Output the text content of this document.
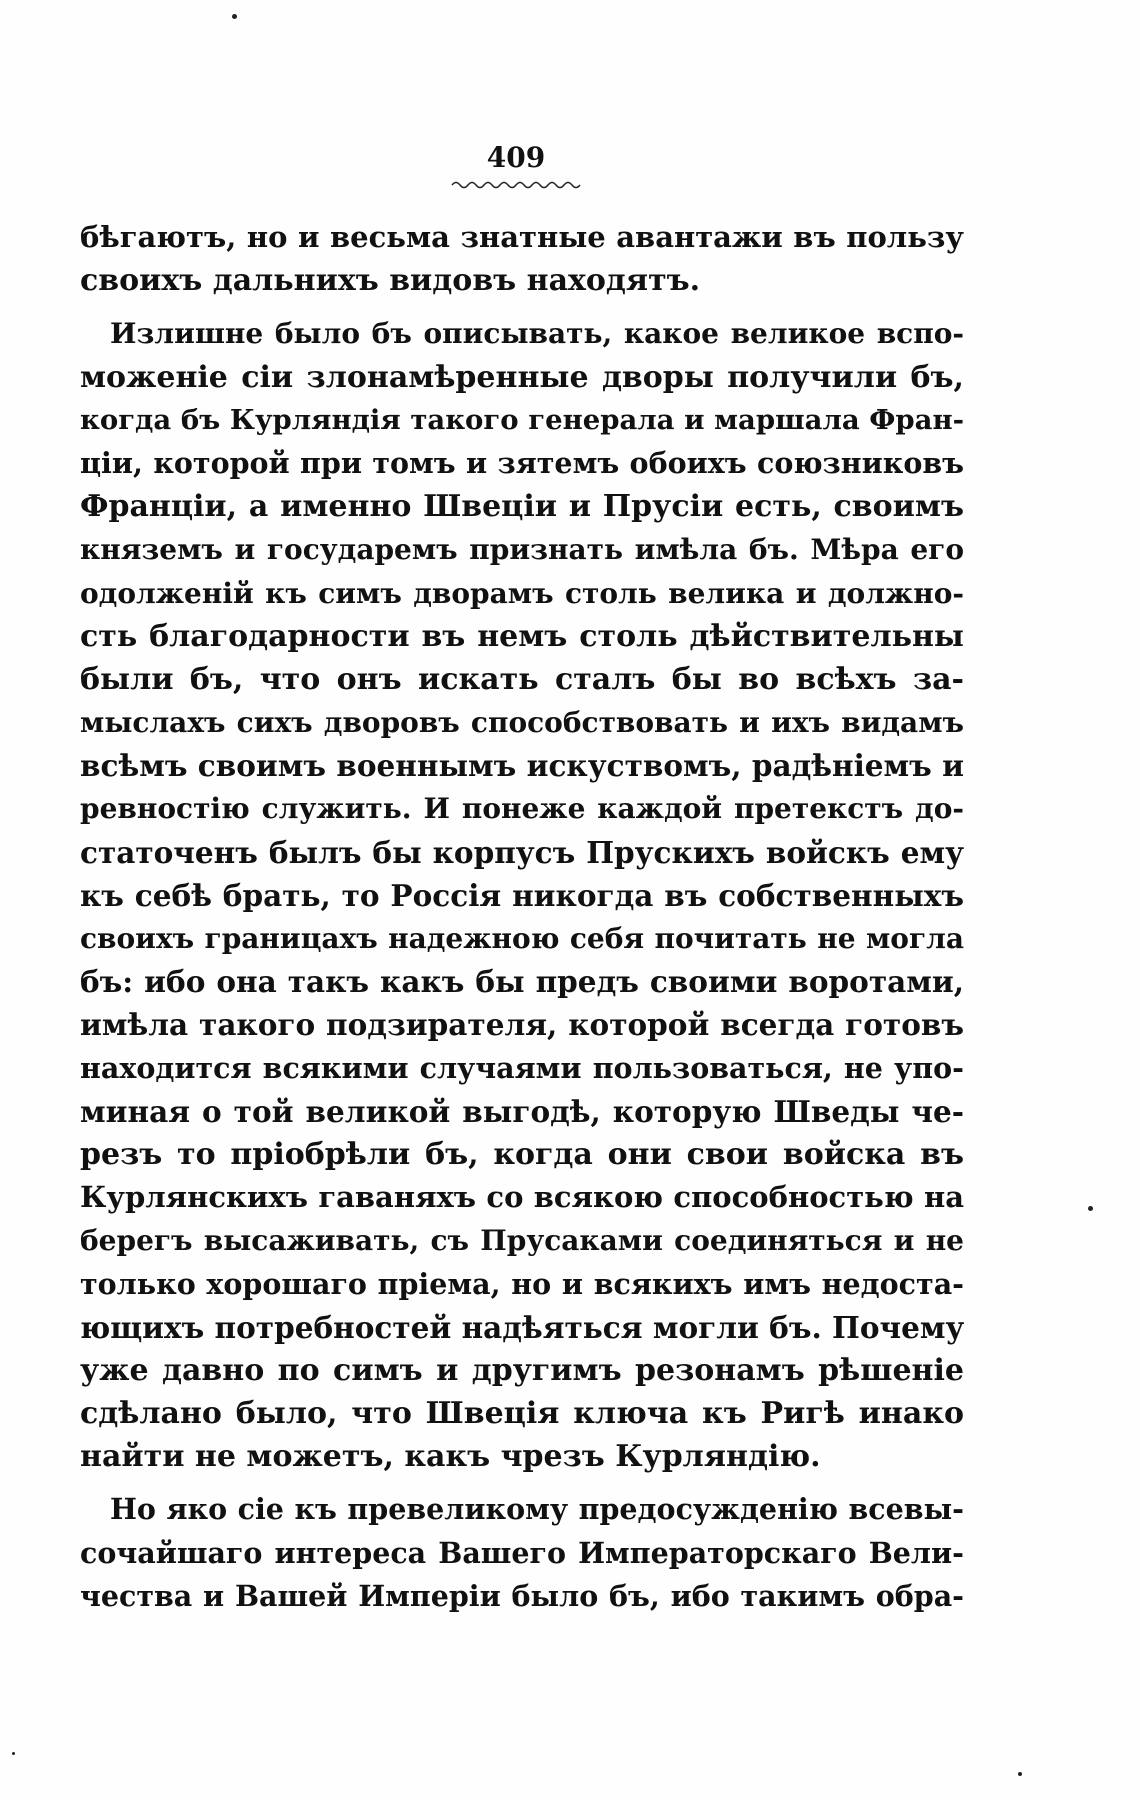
409
бѣгаютъ, но и весьма знатные авантажи въ пользу
своихъ дальнихъ видовъ находятъ.
Излишне было бъ описывать, какое великое вспо-
моженіе сіи злонамѣренные дворы получили бъ,
когда бъ Курляндія такого генерала и маршала Фран-
ціи, которой при томъ и зятемъ обоихъ союзниковъ
Франціи, а именно Швеціи и Прусіи есть, своимъ
княземъ и государемъ признать имѣла бъ. Мѣра его
одолженій къ симъ дворамъ столь велика и должно-
сть благодарности въ немъ столь дѣйствительны
были бъ, что онъ искать сталъ бы во всѣхъ за-
мыслахъ сихъ дворовъ способствовать и ихъ видамъ
всѣмъ своимъ военнымъ искуствомъ, радѣніемъ и
ревностію служить. И понеже каждой претекстъ до-
статоченъ былъ бы корпусъ Прускихъ войскъ ему
къ себѣ брать, то Россія никогда въ собственныхъ
своихъ границахъ надежною себя почитать не могла
бъ: ибо она такъ какъ бы предъ своими воротами,
имѣла такого подзирателя, которой всегда готовъ
находится всякими случаями пользоваться, не упо-
миная о той великой выгодѣ, которую Шведы че-
резъ то пріобрѣли бъ, когда они свои войска въ
Курлянскихъ гаваняхъ со всякою способностью на
берегъ высаживать, съ Прусаками соединяться и не
только хорошаго пріема, но и всякихъ имъ недоста-
ющихъ потребностей надѣяться могли бъ. Почему
уже давно по симъ и другимъ резонамъ рѣшеніе
сдѣлано было, что Швеція ключа къ Ригѣ инако
найти не можетъ, какъ чрезъ Курляндію.
Но яко сіе къ превеликому предосужденію всевы-
сочайшаго интереса Вашего Императорскаго Вели-
чества и Вашей Имперіи было бъ, ибо такимъ обра-
